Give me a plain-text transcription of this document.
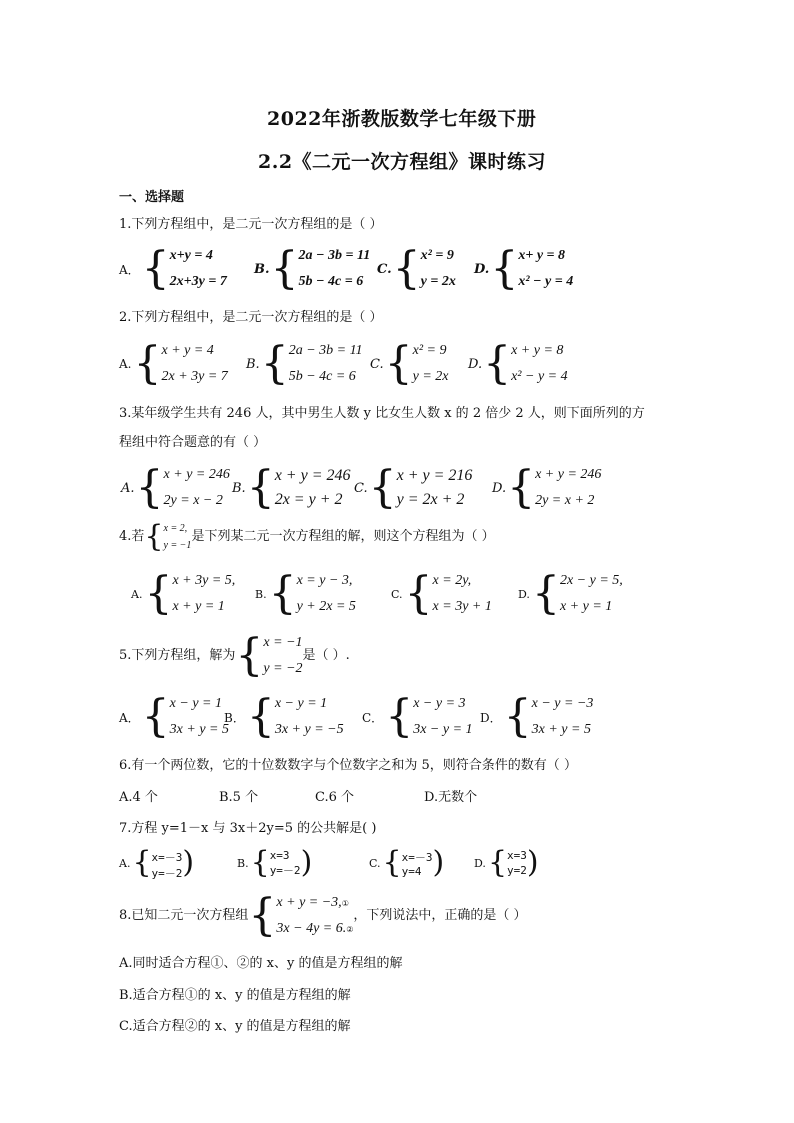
2022年浙教版数学七年级下册
2.2《二元一次方程组》课时练习
一、选择题
1.下列方程组中，是二元一次方程组的是（ ）
A． { x+y = 4
2x+3y = 7
B. { 2a − 3b = 11
5b − 4c = 6
C. { x² = 9
y = 2x
D. { x+ y = 8
x² − y = 4
2.下列方程组中，是二元一次方程组的是（ ）
A. { x + y = 4
2x + 3y = 7
B. { 2a − 3b = 11
5b − 4c = 6
C. { x² = 9
y = 2x
D. { x + y = 8
x² − y = 4
3.某年级学生共有 246 人，其中男生人数 y 比女生人数 x 的 2 倍少 2 人，则下面所列的方
程组中符合题意的有（ ）
A. { x + y = 246
2y = x − 2
B. { x + y = 246
2x = y + 2
C. { x + y = 216
y = 2x + 2
D. { x + y = 246
2y = x + 2
4.若 { x = 2,
y = −1
是下列某二元一次方程组的解，则这个方程组为（ ）
A. { x + 3y = 5,
x + y = 1
B. { x = y − 3,
y + 2x = 5
C. { x = 2y,
x = 3y + 1
D. { 2x − y = 5,
x + y = 1
5.下列方程组，解为 { x = −1
y = −2
是（ ）.
A． { x − y = 1
3x + y = 5
B． { x − y = 1
3x + y = −5
C． { x − y = 3
3x − y = 1
D． { x − y = −3
3x + y = 5
6.有一个两位数，它的十位数数字与个位数字之和为 5，则符合条件的数有（ ）
A.4 个	B.5 个	C.6 个	D.无数个
7.方程 y=1－x 与 3x＋2y=5 的公共解是( )
A. { x=－3
y=－2 )	B. { x=3
y=－2 )	C. { x=－3
y=4 )	D. { x=3
y=2 )
8.已知二元一次方程组 { x + y = −3,①
3x − 4y = 6.②
，下列说法中，正确的是（ ）
A.同时适合方程①、②的 x、y 的值是方程组的解
B.适合方程①的 x、y 的值是方程组的解
C.适合方程②的 x、y 的值是方程组的解
